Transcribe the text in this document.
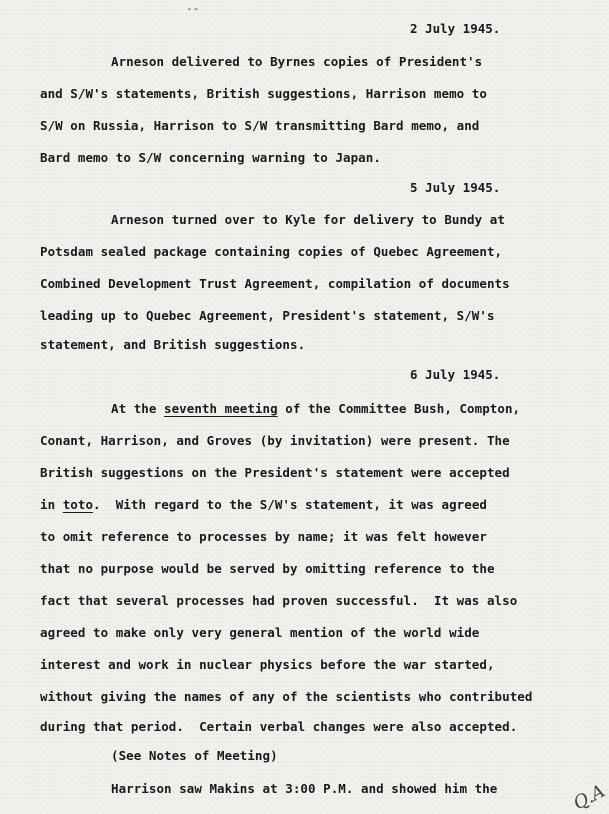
--
2 July 1945.
Arneson delivered to Byrnes copies of President's
and S/W's statements, British suggestions, Harrison memo to
S/W on Russia, Harrison to S/W transmitting Bard memo, and
Bard memo to S/W concerning warning to Japan.
5 July 1945.
Arneson turned over to Kyle for delivery to Bundy at
Potsdam sealed package containing copies of Quebec Agreement,
Combined Development Trust Agreement, compilation of documents
leading up to Quebec Agreement, President's statement, S/W's
statement, and British suggestions.
6 July 1945.
At the seventh meeting of the Committee Bush, Compton,
Conant, Harrison, and Groves (by invitation) were present. The
British suggestions on the President's statement were accepted
in toto.  With regard to the S/W's statement, it was agreed
to omit reference to processes by name; it was felt however
that no purpose would be served by omitting reference to the
fact that several processes had proven successful.  It was also
agreed to make only very general mention of the world wide
interest and work in nuclear physics before the war started,
without giving the names of any of the scientists who contributed
during that period.  Certain verbal changes were also accepted.
(See Notes of Meeting)
Harrison saw Makins at 3:00 P.M. and showed him the	Q.A
